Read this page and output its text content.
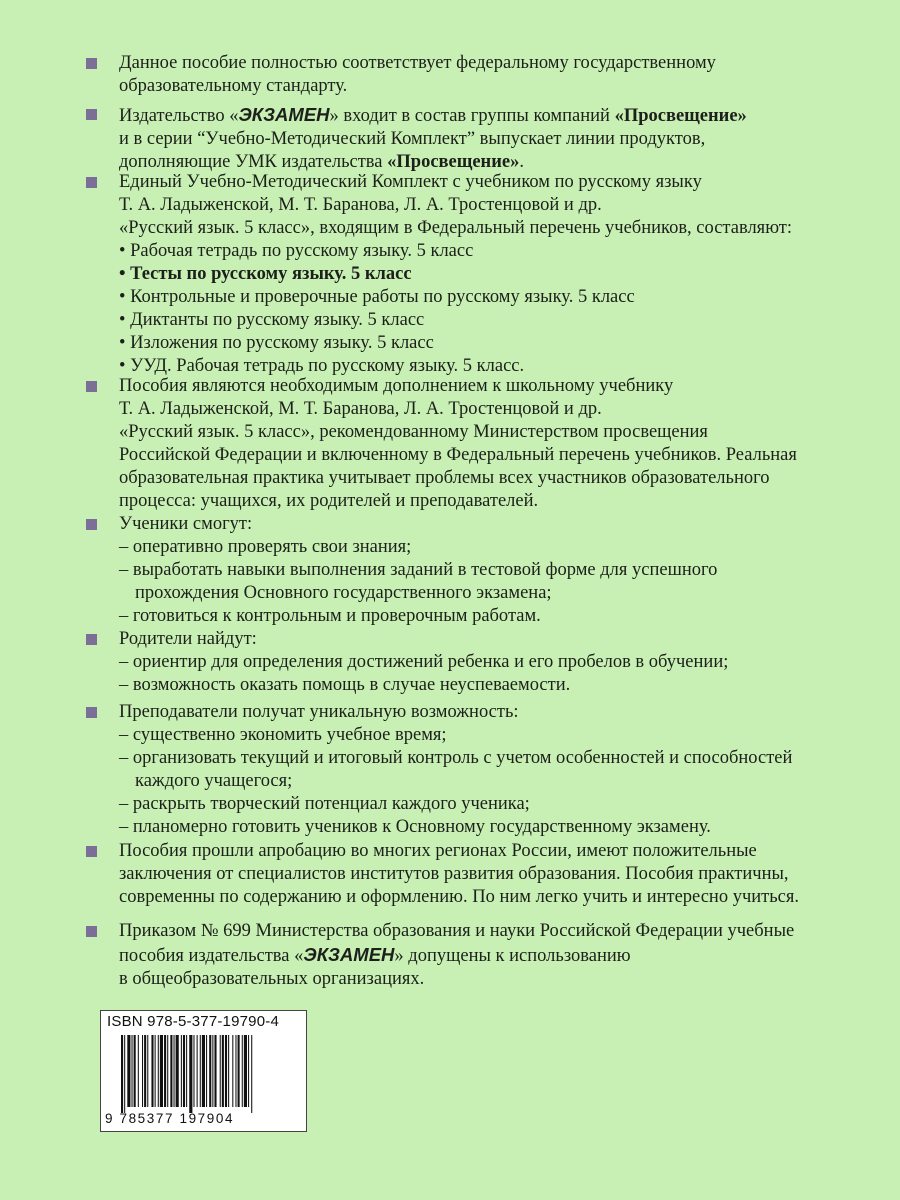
Данное пособие полностью соответствует федеральному государственному
образовательному стандарту.
Издательство «ЭКЗАМЕН» входит в состав группы компаний «Просвещение»
и в серии “Учебно-Методический Комплект” выпускает линии продуктов,
дополняющие УМК издательства «Просвещение».
Единый Учебно-Методический Комплект с учебником по русскому языку
Т. А. Ладыженской, М. Т. Баранова, Л. А. Тростенцовой и др.
«Русский язык. 5 класс», входящим в Федеральный перечень учебников, составляют:
• Рабочая тетрадь по русскому языку. 5 класс
• Тесты по русскому языку. 5 класс
• Контрольные и проверочные работы по русскому языку. 5 класс
• Диктанты по русскому языку. 5 класс
• Изложения по русскому языку. 5 класс
• УУД. Рабочая тетрадь по русскому языку. 5 класс.
Пособия являются необходимым дополнением к школьному учебнику
Т. А. Ладыженской, М. Т. Баранова, Л. А. Тростенцовой и др.
«Русский язык. 5 класс», рекомендованному Министерством просвещения
Российской Федерации и включенному в Федеральный перечень учебников. Реальная
образовательная практика учитывает проблемы всех участников образовательного
процесса: учащихся, их родителей и преподавателей.
Ученики смогут:
– оперативно проверять свои знания;
– выработать навыки выполнения заданий в тестовой форме для успешного
прохождения Основного государственного экзамена;
– готовиться к контрольным и проверочным работам.
Родители найдут:
– ориентир для определения достижений ребенка и его пробелов в обучении;
– возможность оказать помощь в случае неуспеваемости.
Преподаватели получат уникальную возможность:
– существенно экономить учебное время;
– организовать текущий и итоговый контроль с учетом особенностей и способностей
каждого учащегося;
– раскрыть творческий потенциал каждого ученика;
– планомерно готовить учеников к Основному государственному экзамену.
Пособия прошли апробацию во многих регионах России, имеют положительные
заключения от специалистов институтов развития образования. Пособия практичны,
современны по содержанию и оформлению. По ним легко учить и интересно учиться.
Приказом № 699 Министерства образования и науки Российской Федерации учебные
пособия издательства «ЭКЗАМЕН» допущены к использованию
в общеобразовательных организациях.
ISBN 978-5-377-19790-4
9 785377 197904
